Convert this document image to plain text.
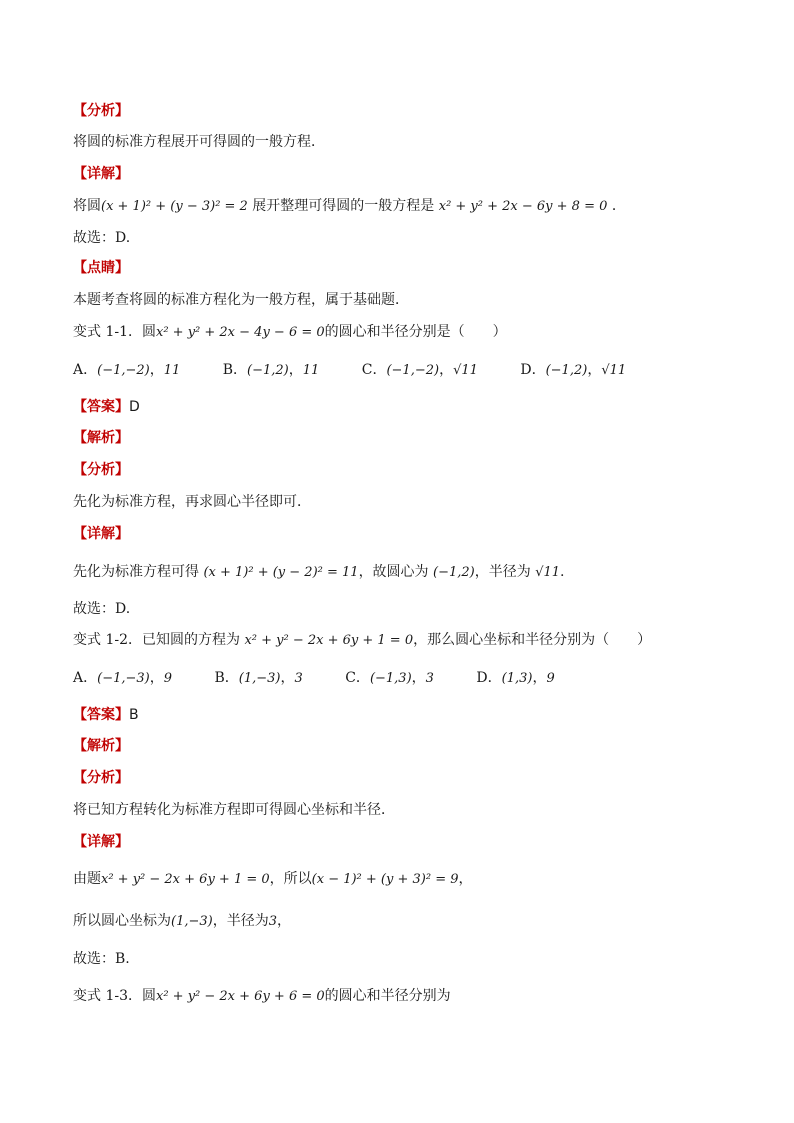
【分析】
将圆的标准方程展开可得圆的一般方程．
【详解】
将圆(x + 1)² + (y − 3)² = 2 展开整理可得圆的一般方程是 x² + y² + 2x − 6y + 8 = 0 ．
故选：D.
【点睛】
本题考查将圆的标准方程化为一般方程，属于基础题．
变式 1-1．圆x² + y² + 2x − 4y − 6 = 0的圆心和半径分别是（　　）
A．(−1,−2)，11	B．(−1,2)，11	C．(−1,−2)，√11	D．(−1,2)，√11
【答案】D
【解析】
【分析】
先化为标准方程，再求圆心半径即可．
【详解】
先化为标准方程可得 (x + 1)² + (y − 2)² = 11，故圆心为 (−1,2)，半径为 √11.
故选：D.
变式 1-2．已知圆的方程为 x² + y² − 2x + 6y + 1 = 0，那么圆心坐标和半径分别为（　　）
A．(−1,−3)，9	B．(1,−3)，3	C．(−1,3)，3	D．(1,3)，9
【答案】B
【解析】
【分析】
将已知方程转化为标准方程即可得圆心坐标和半径．
【详解】
由题x² + y² − 2x + 6y + 1 = 0，所以(x − 1)² + (y + 3)² = 9，
所以圆心坐标为(1,−3)，半径为3，
故选：B.
变式 1-3．圆x² + y² − 2x + 6y + 6 = 0的圆心和半径分别为
